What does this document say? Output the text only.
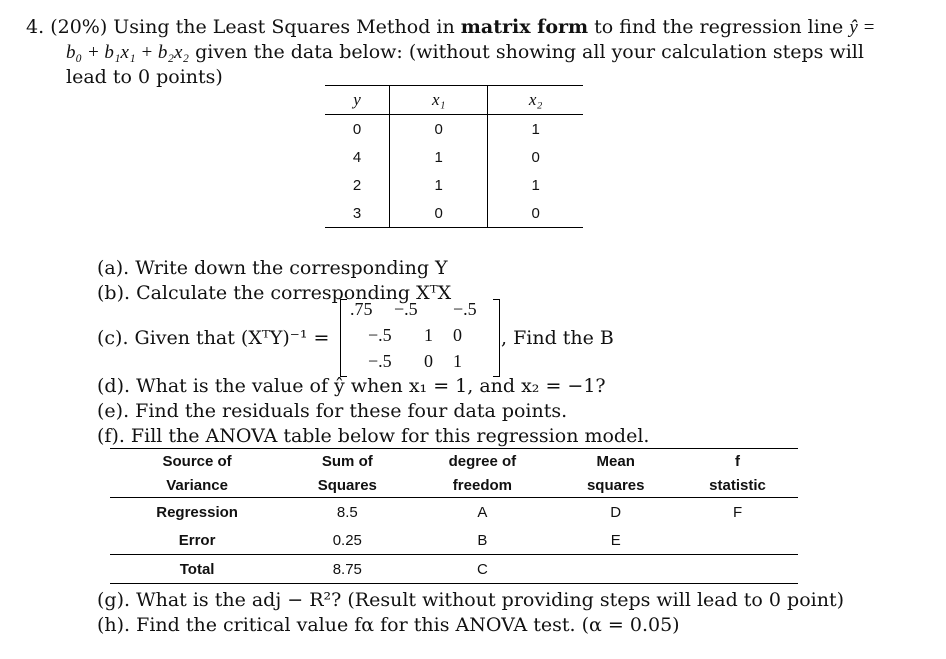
4. (20%) Using the Least Squares Method in matrix form to find the regression line ŷ =
b₀ + b₁x₁ + b₂x₂ given the data below: (without showing all your calculation steps will
lead to 0 points)
y	x₁	x₂
0	0	1
4	1	0
2	1	1
3	0	0
(a). Write down the corresponding Y
(b). Calculate the corresponding XᵀX
(c). Given that (XᵀY)⁻¹ =
.75 −.5 −.5
−.5 1 0
−.5 0 1
, Find the B
(d). What is the value of ŷ when x₁ = 1, and x₂ = −1?
(e). Find the residuals for these four data points.
(f). Fill the ANOVA table below for this regression model.
Source of	Sum of	degree of	Mean	f
Variance	Squares	freedom	squares	statistic
Regression	8.5	A	D	F
Error	0.25	B	E	
Total	8.75	C		
(g). What is the adj − R²? (Result without providing steps will lead to 0 point)
(h). Find the critical value fα for this ANOVA test. (α = 0.05)
